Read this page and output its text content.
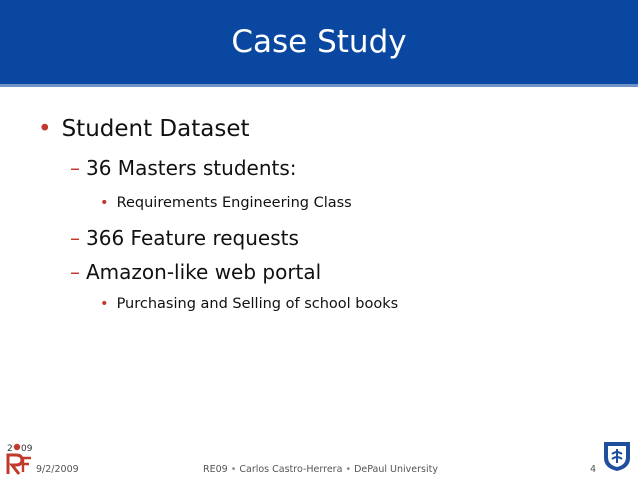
Case Study
• Student Dataset
– 36 Masters students:
• Requirements Engineering Class
– 366 Feature requests
– Amazon-like web portal
• Purchasing and Selling of school books
2 09
9/2/2009	RE09 • Carlos Castro-Herrera • DePaul University	4
